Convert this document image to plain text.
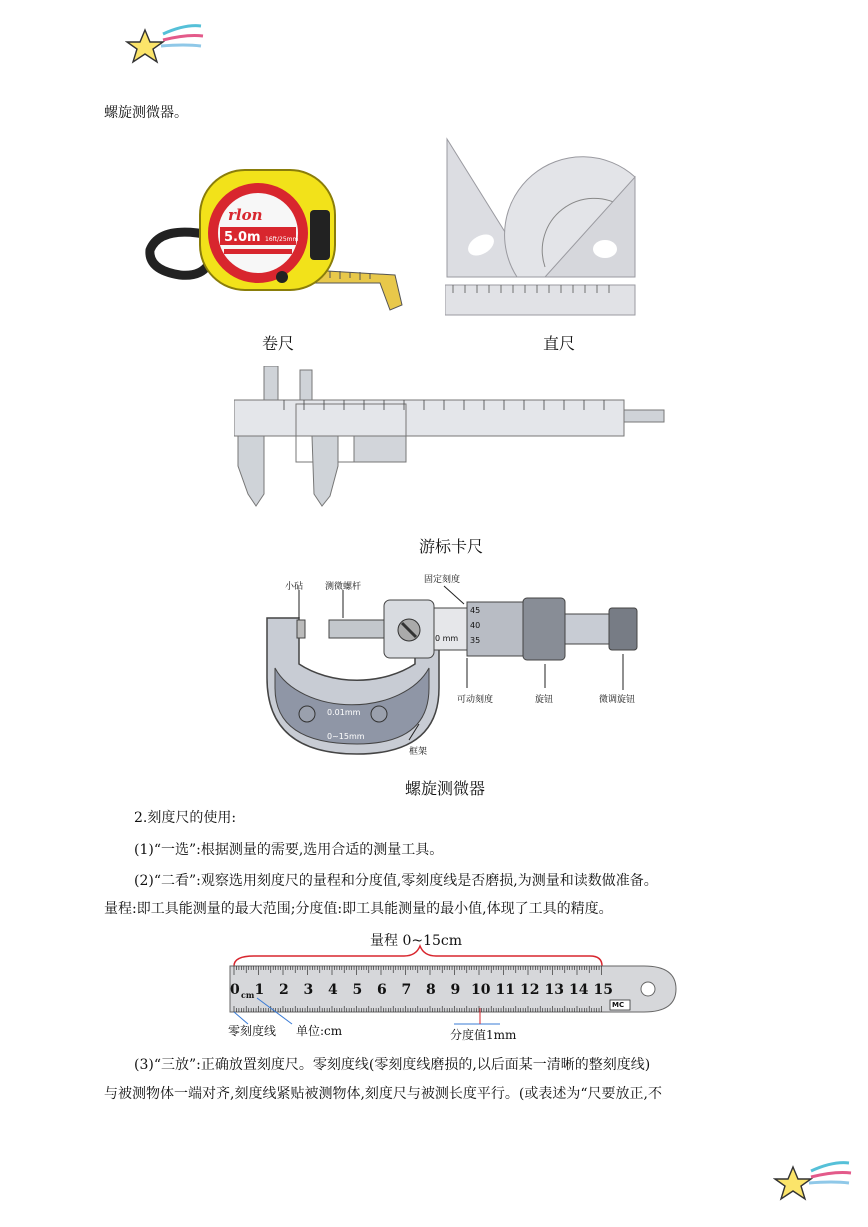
螺旋测微器。
rlon
5.0m 16ft/25mm
卷尺	直尺
游标卡尺
小砧 测微螺杆
固定刻度
45
40
0 mm 35
可动刻度	旋钮	微调旋钮
框架
0.01mm
0~15mm
螺旋测微器
2.刻度尺的使用:
(1)“一选”:根据测量的需要,选用合适的测量工具。
(2)“二看”:观察选用刻度尺的量程和分度值,零刻度线是否磨损,为测量和读数做准备。
量程:即工具能测量的最大范围;分度值:即工具能测量的最小值,体现了工具的精度。
量程 0~15cm
0 1 2 3 4 5 6 7 8 9 10 11 12 13 14 15
cm
MC
零刻度线 单位:cm	分度值1mm
(3)“三放”:正确放置刻度尺。零刻度线(零刻度线磨损的,以后面某一清晰的整刻度线)
与被测物体一端对齐,刻度线紧贴被测物体,刻度尺与被测长度平行。(或表述为“尺要放正,不
